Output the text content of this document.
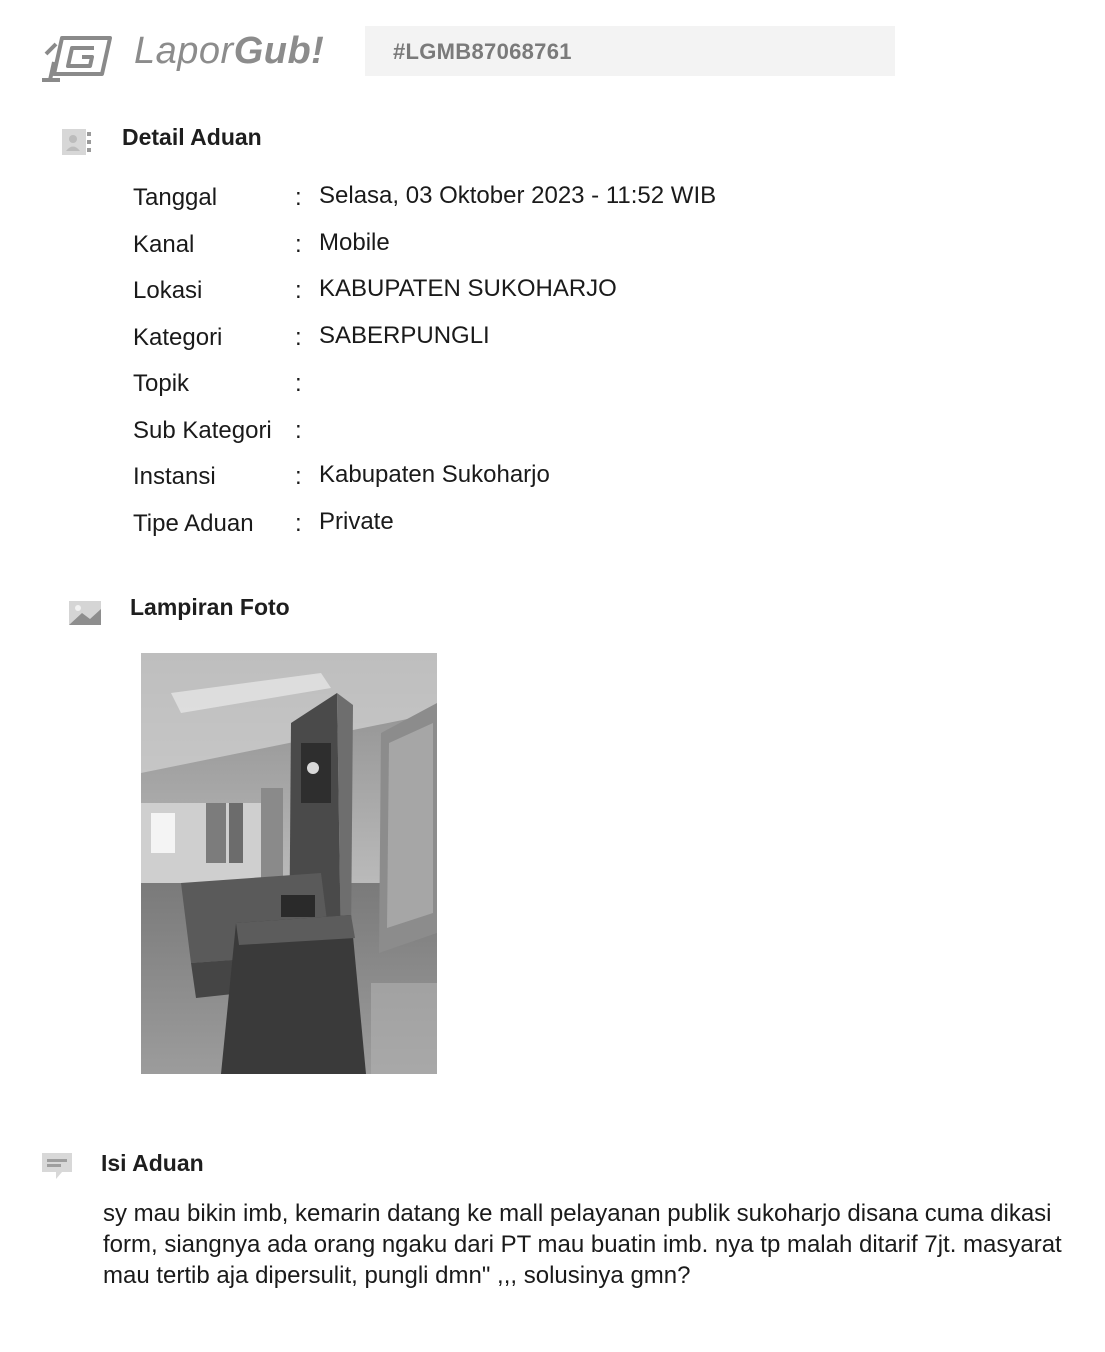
LaporGub!	#LGMB87068761
Detail Aduan
Tanggal	: Selasa, 03 Oktober 2023 - 11:52 WIB
Kanal	: Mobile
Lokasi	: KABUPATEN SUKOHARJO
Kategori	: SABERPUNGLI
Topik	:
Sub Kategori :
Instansi	: Kabupaten Sukoharjo
Tipe Aduan : Private
Lampiran Foto
Isi Aduan
sy mau bikin imb, kemarin datang ke mall pelayanan publik sukoharjo disana cuma dikasi form, siangnya ada orang ngaku dari PT mau buatin imb. nya tp malah ditarif 7jt. masyarat mau tertib aja dipersulit, pungli dmn" ,,, solusinya gmn?
